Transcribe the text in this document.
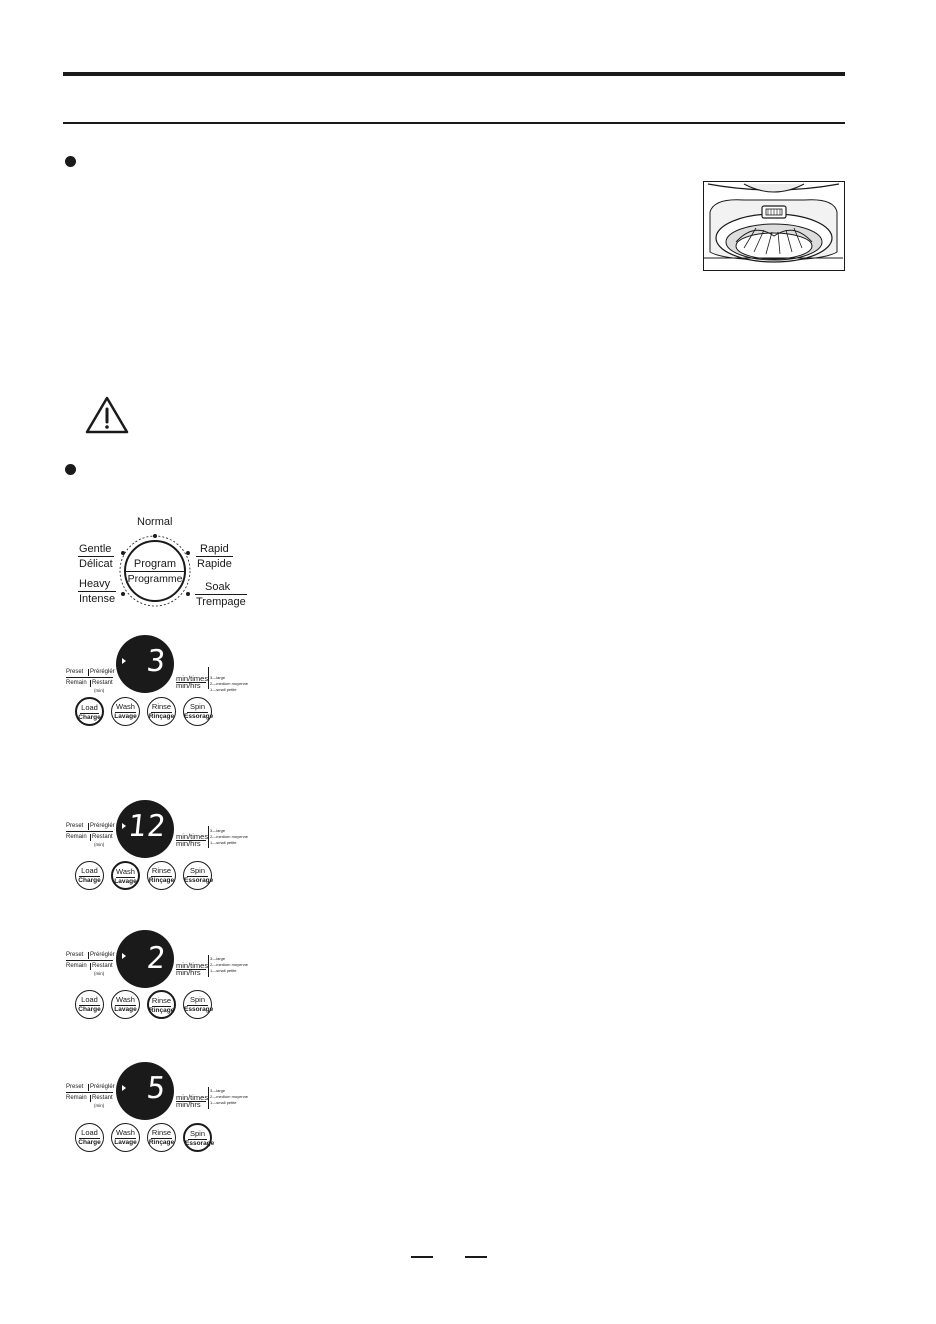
Normal
Gentle
Délicat
Heavy
Intense
Rapid
Rapide
Soak
Trempage
Program
Programme
Preset	Préréglér
Remain Restant
(min)
3 min/times
min/hrs
3—large
2—medium moyenne
1—small petite
Load
Charge
Wash
Lavage
Rinse
Rinçage
Spin
Essorage
Preset	Préréglér
Remain Restant
(min)
12 min/times
min/hrs
3—large
2—medium moyenne
1—small petite
Load
Charge
Wash
Lavage
Rinse
Rinçage
Spin
Essorage
Preset	Préréglér
Remain Restant
(min) 2 min/times
min/hrs
3—large
2—medium moyenne
1—small petite
Load
Charge
Wash
Lavage
Rinse
Rinçage
Spin
Essorage
Preset	Préréglér
Remain Restant
(min) 5 min/times
min/hrs
3—large
2—medium moyenne
1—small petite
Load
Charge
Wash
Lavage
Rinse
Rinçage
Spin
Essorage
